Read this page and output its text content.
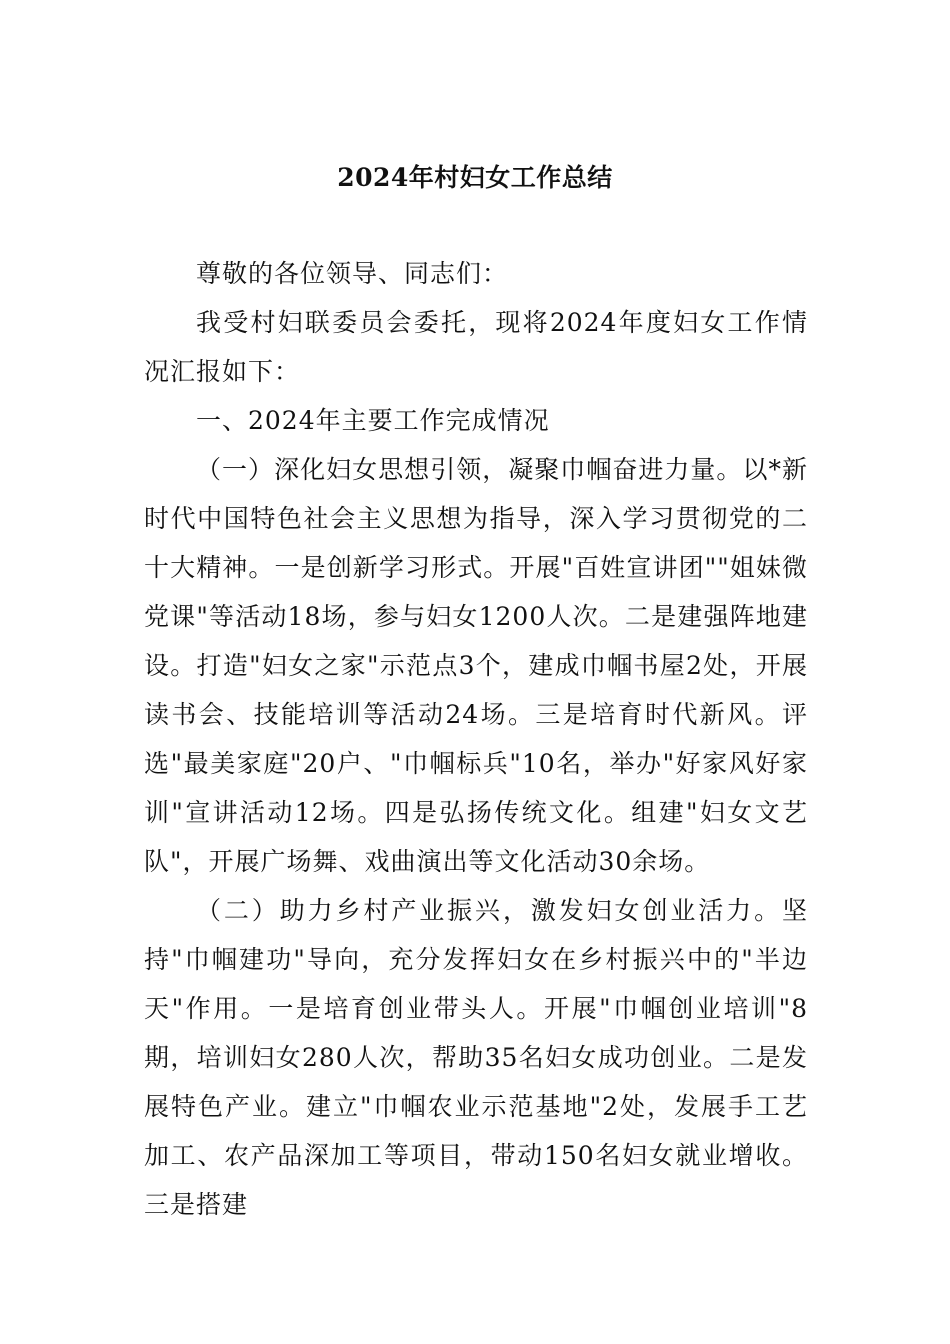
2024年村妇女工作总结

尊敬的各位领导、同志们：

我受村妇联委员会委托，现将2024年度妇女工作情况汇报如下：

一、2024年主要工作完成情况

（一）深化妇女思想引领，凝聚巾帼奋进力量。以*新时代中国特色社会主义思想为指导，深入学习贯彻党的二十大精神。一是创新学习形式。开展"百姓宣讲团""姐妹微党课"等活动18场，参与妇女1200人次。二是建强阵地建设。打造"妇女之家"示范点3个，建成巾帼书屋2处，开展读书会、技能培训等活动24场。三是培育时代新风。评选"最美家庭"20户、"巾帼标兵"10名，举办"好家风好家训"宣讲活动12场。四是弘扬传统文化。组建"妇女文艺队"，开展广场舞、戏曲演出等文化活动30余场。

（二）助力乡村产业振兴，激发妇女创业活力。坚持"巾帼建功"导向，充分发挥妇女在乡村振兴中的"半边天"作用。一是培育创业带头人。开展"巾帼创业培训"8期，培训妇女280人次，帮助35名妇女成功创业。二是发展特色产业。建立"巾帼农业示范基地"2处，发展手工艺加工、农产品深加工等项目，带动150名妇女就业增收。三是搭建
